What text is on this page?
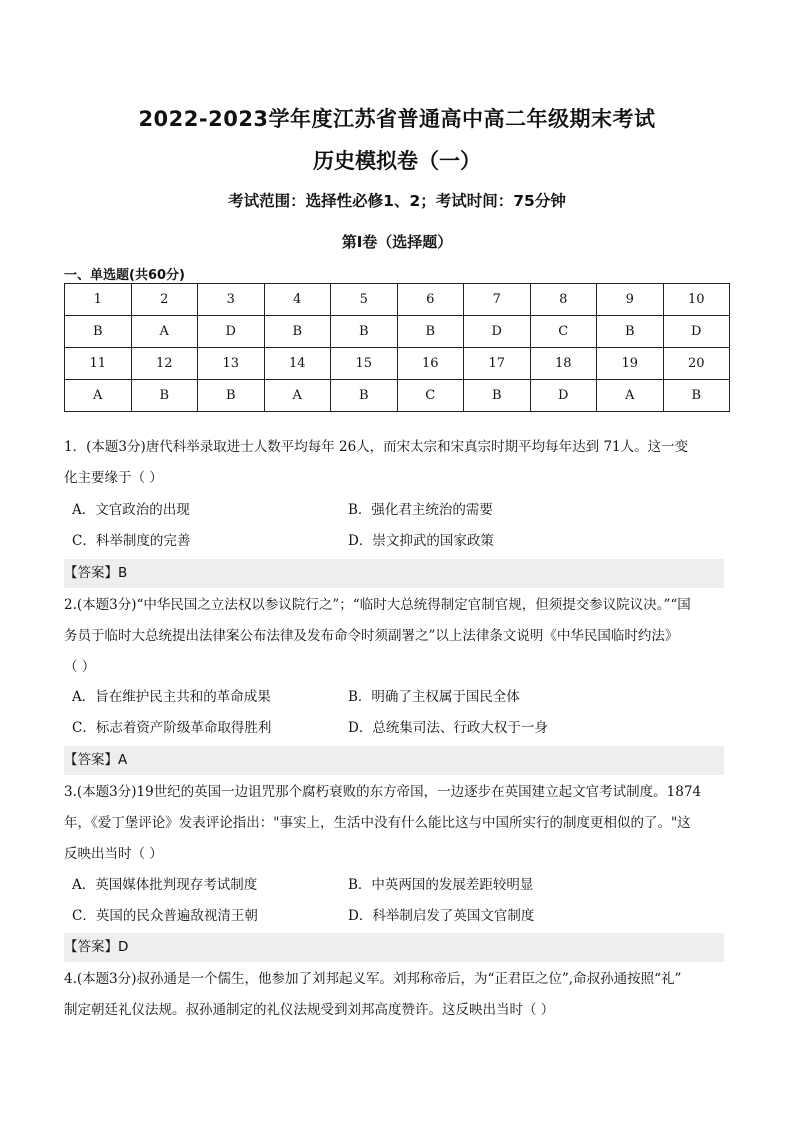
2022-2023学年度江苏省普通高中高二年级期末考试
历史模拟卷（一）
考试范围：选择性必修1、2；考试时间：75分钟
第Ⅰ卷（选择题）
一、单选题(共60分)
1	2	3	4	5	6	7	8	9	10
B	A	D	B	B	B	D	C	B	D
11	12	13	14	15	16	17	18	19	20
A	B	B	A	B	C	B	D	A	B
1．(本题3分)唐代科举录取进士人数平均每年 26人，而宋太宗和宋真宗时期平均每年达到 71人。这一变
化主要缘于（ ）
A．文官政治的出现	B．强化君主统治的需要
C．科举制度的完善	D．崇文抑武的国家政策
【答案】B
2.(本题3分)“中华民国之立法权以参议院行之”；“临时大总统得制定官制官规，但须提交参议院议决。”“国
务员于临时大总统提出法律案公布法律及发布命令时须副署之”以上法律条文说明《中华民国临时约法》
（ ）
A．旨在维护民主共和的革命成果	B．明确了主权属于国民全体
C．标志着资产阶级革命取得胜利	D．总统集司法、行政大权于一身
【答案】A
3.(本题3分)19世纪的英国一边诅咒那个腐朽衰败的东方帝国，一边逐步在英国建立起文官考试制度。1874
年，《爱丁堡评论》发表评论指出："事实上，生活中没有什么能比这与中国所实行的制度更相似的了。"这
反映出当时（ ）
A．英国媒体批判现存考试制度	B．中英两国的发展差距较明显
C．英国的民众普遍敌视清王朝	D．科举制启发了英国文官制度
【答案】D
4.(本题3分)叔孙通是一个儒生，他参加了刘邦起义军。刘邦称帝后，为“正君臣之位”,命叔孙通按照“礼”
制定朝廷礼仪法规。叔孙通制定的礼仪法规受到刘邦高度赞许。这反映出当时（ ）
